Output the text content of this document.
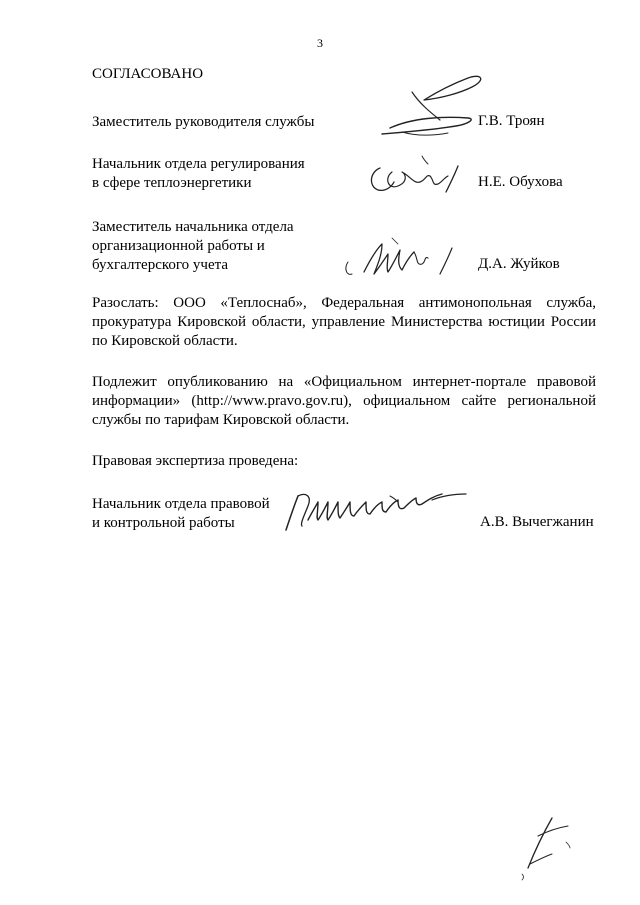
3
СОГЛАСОВАНО
Заместитель руководителя службы	Г.В. Троян
Начальник отдела регулирования
в сфере теплоэнергетики	Н.Е. Обухова
Заместитель начальника отдела
организационной работы и
бухгалтерского учета	Д.А. Жуйков
Разослать: ООО «Теплоснаб», Федеральная антимонопольная служба, прокуратура Кировской области, управление Министерства юстиции России по Кировской области.
Подлежит опубликованию на «Официальном интернет-портале правовой информации» (http://www.pravo.gov.ru), официальном сайте региональной службы по тарифам Кировской области.
Правовая экспертиза проведена:
Начальник отдела правовой
и контрольной работы	А.В. Вычегжанин
